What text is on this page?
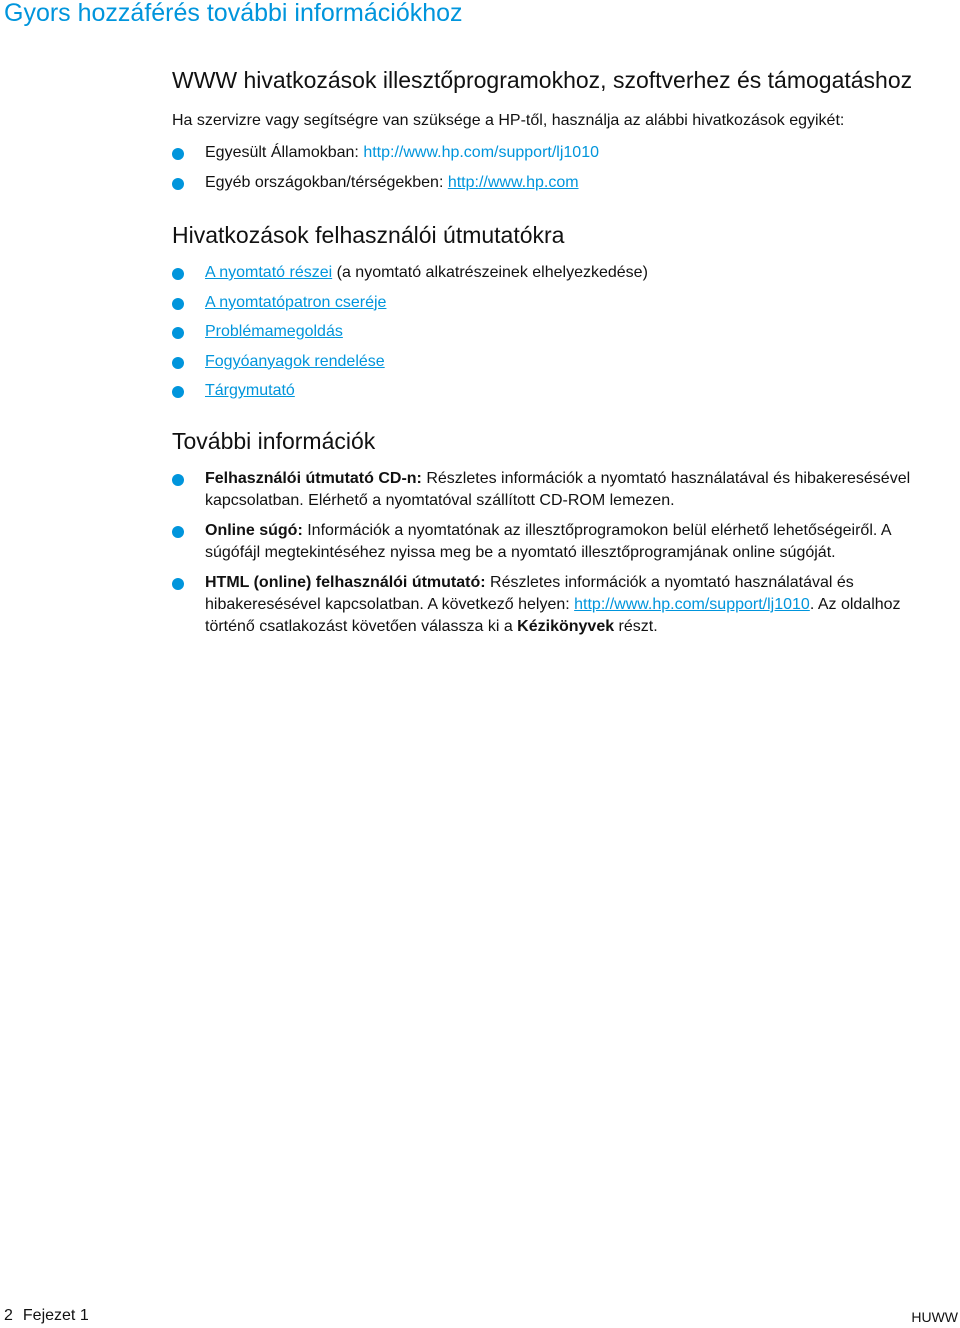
Gyors hozzáférés további információkhoz
WWW hivatkozások illesztőprogramokhoz, szoftverhez és támogatáshoz

Ha szervizre vagy segítségre van szüksége a HP-től, használja az alábbi hivatkozások egyikét:

Egyesült Államokban: http://www.hp.com/support/lj1010
Egyéb országokban/térségekben: http://www.hp.com
Hivatkozások felhasználói útmutatókra
A nyomtató részei (a nyomtató alkatrészeinek elhelyezkedése)
A nyomtatópatron cseréje
Problémamegoldás
Fogyóanyagok rendelése
Tárgymutató
További információk
Felhasználói útmutató CD-n: Részletes információk a nyomtató használatával és hibakeresésével kapcsolatban. Elérhető a nyomtatóval szállított CD-ROM lemezen.
Online súgó: Információk a nyomtatónak az illesztőprogramokon belül elérhető lehetőségeiről. A súgófájl megtekintéséhez nyissa meg be a nyomtató illesztőprogramjának online súgóját.
HTML (online) felhasználói útmutató: Részletes információk a nyomtató használatával és hibakeresésével kapcsolatban. A következő helyen: http://www.hp.com/support/lj1010. Az oldalhoz történő csatlakozást követően válassza ki a Kézikönyvek részt.
2 Fejezet 1	HUWW
